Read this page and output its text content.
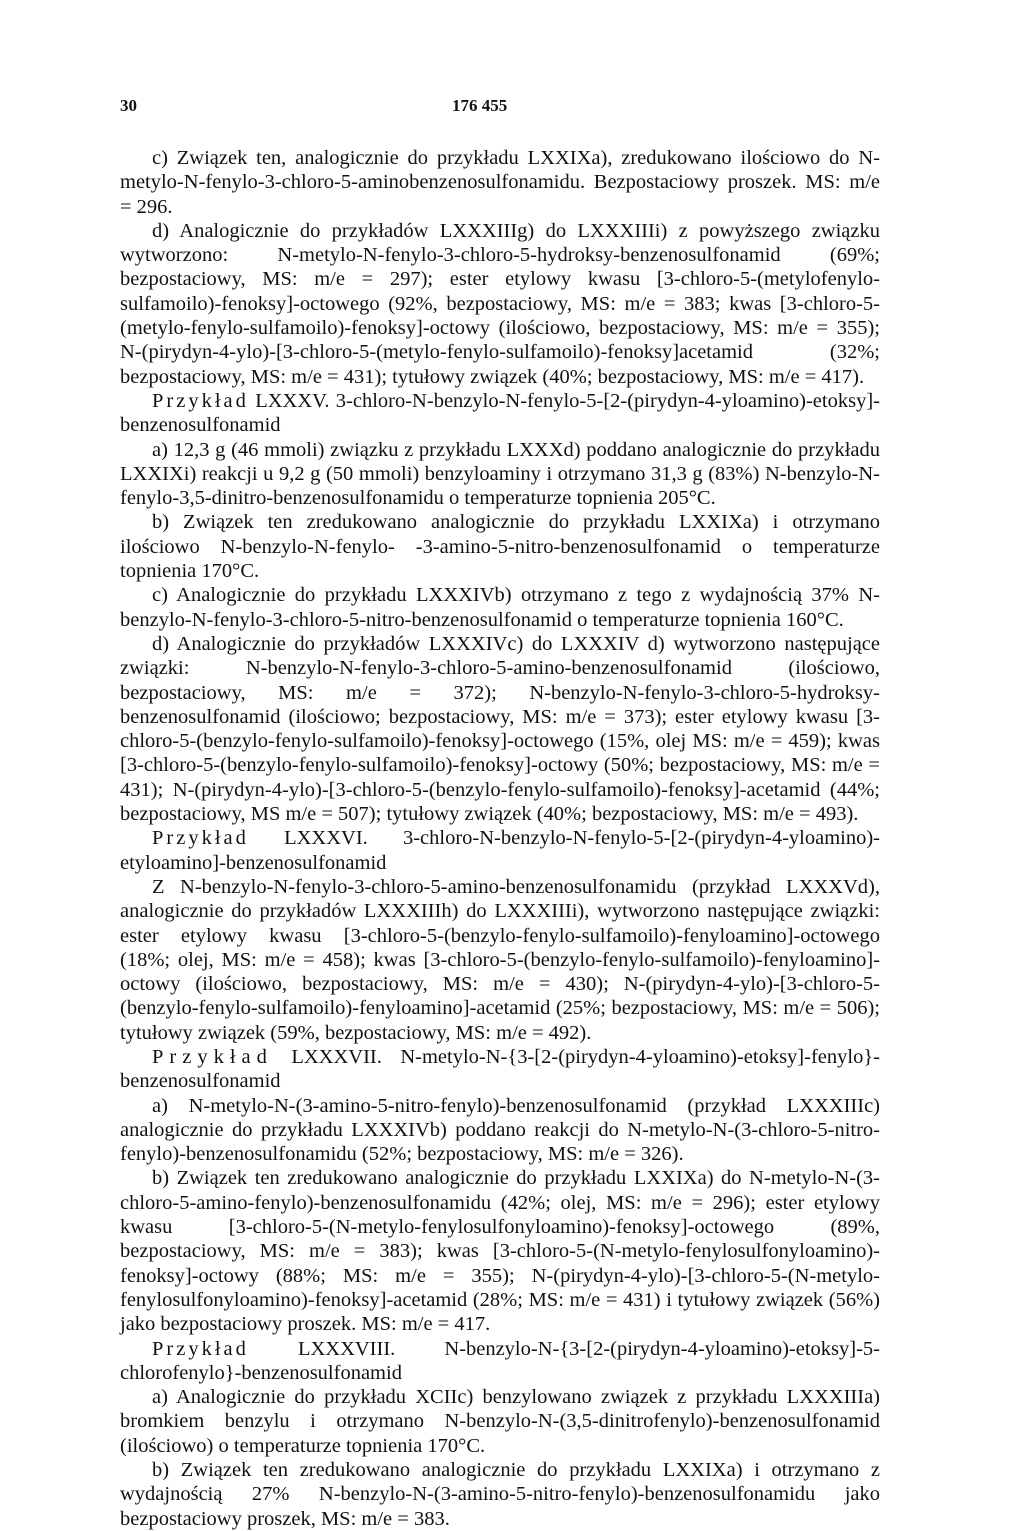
30	176 455

c) Związek ten, analogicznie do przykładu LXXIXa), zredukowano ilościowo do N-metylo-N-fenylo-3-chloro-5-aminobenzenosulfonamidu. Bezpostaciowy proszek. MS: m/e = 296.

d) Analogicznie do przykładów LXXXIIIg) do LXXXIIIi) z powyższego związku wytworzono: N-metylo-N-fenylo-3-chloro-5-hydroksy-benzenosulfonamid (69%; bezpostaciowy, MS: m/e = 297); ester etylowy kwasu [3-chloro-5-(metylofenylo-sulfamoilo)-fenoksy]-octowego (92%, bezpostaciowy, MS: m/e = 383; kwas [3-chloro-5-(metylo-fenylo-sulfamoilo)-fenoksy]-octowy (ilościowo, bezpostaciowy, MS: m/e = 355); N-(pirydyn-4-ylo)-[3-chloro-5-(metylo-fenylo-sulfamoilo)-fenoksy]acetamid (32%; bezpostaciowy, MS: m/e = 431); tytułowy związek (40%; bezpostaciowy, MS: m/e = 417).

Przykład LXXXV. 3-chloro-N-benzylo-N-fenylo-5-[2-(pirydyn-4-yloamino)-etoksy]-benzenosulfonamid

a) 12,3 g (46 mmoli) związku z przykładu LXXXd) poddano analogicznie do przykładu LXXIXi) reakcji u 9,2 g (50 mmoli) benzyloaminy i otrzymano 31,3 g (83%) N-benzylo-N-fenylo-3,5-dinitro-benzenosulfonamidu o temperaturze topnienia 205°C.

b) Związek ten zredukowano analogicznie do przykładu LXXIXa) i otrzymano ilościowo N-benzylo-N-fenylo- -3-amino-5-nitro-benzenosulfonamid o temperaturze topnienia 170°C.

c) Analogicznie do przykładu LXXXIVb) otrzymano z tego z wydajnością 37% N-benzylo-N-fenylo-3-chloro-5-nitro-benzenosulfonamid o temperaturze topnienia 160°C.

d) Analogicznie do przykładów LXXXIVc) do LXXXIV d) wytworzono następujące związki: N-benzylo-N-fenylo-3-chloro-5-amino-benzenosulfonamid (ilościowo, bezpostaciowy, MS: m/e = 372); N-benzylo-N-fenylo-3-chloro-5-hydroksy-benzenosulfonamid (ilościowo; bezpostaciowy, MS: m/e = 373); ester etylowy kwasu [3-chloro-5-(benzylo-fenylo-sulfamoilo)-fenoksy]-octowego (15%, olej MS: m/e = 459); kwas [3-chloro-5-(benzylo-fenylo-sulfamoilo)-fenoksy]-octowy (50%; bezpostaciowy, MS: m/e = 431); N-(pirydyn-4-ylo)-[3-chloro-5-(benzylo-fenylo-sulfamoilo)-fenoksy]-acetamid (44%; bezpostaciowy, MS m/e = 507); tytułowy związek (40%; bezpostaciowy, MS: m/e = 493).

Przykład LXXXVI. 3-chloro-N-benzylo-N-fenylo-5-[2-(pirydyn-4-yloamino)-etyloamino]-benzenosulfonamid

Z N-benzylo-N-fenylo-3-chloro-5-amino-benzenosulfonamidu (przykład LXXXVd), analogicznie do przykładów LXXXIIIh) do LXXXIIIi), wytworzono następujące związki: ester etylowy kwasu [3-chloro-5-(benzylo-fenylo-sulfamoilo)-fenyloamino]-octowego (18%; olej, MS: m/e = 458); kwas [3-chloro-5-(benzylo-fenylo-sulfamoilo)-fenyloamino]-octowy (ilościowo, bezpostaciowy, MS: m/e = 430); N-(pirydyn-4-ylo)-[3-chloro-5-(benzylo-fenylo-sulfamoilo)-fenyloamino]-acetamid (25%; bezpostaciowy, MS: m/e = 506); tytułowy związek (59%, bezpostaciowy, MS: m/e = 492).

Przykład LXXXVII. N-metylo-N-{3-[2-(pirydyn-4-yloamino)-etoksy]-fenylo}-benzenosulfonamid

a) N-metylo-N-(3-amino-5-nitro-fenylo)-benzenosulfonamid (przykład LXXXIIIc) analogicznie do przykładu LXXXIVb) poddano reakcji do N-metylo-N-(3-chloro-5-nitro-fenylo)-benzenosulfonamidu (52%; bezpostaciowy, MS: m/e = 326).

b) Związek ten zredukowano analogicznie do przykładu LXXIXa) do N-metylo-N-(3-chloro-5-amino-fenylo)-benzenosulfonamidu (42%; olej, MS: m/e = 296); ester etylowy kwasu [3-chloro-5-(N-metylo-fenylosulfonyloamino)-fenoksy]-octowego (89%, bezpostaciowy, MS: m/e = 383); kwas [3-chloro-5-(N-metylo-fenylosulfonyloamino)-fenoksy]-octowy (88%; MS: m/e = 355); N-(pirydyn-4-ylo)-[3-chloro-5-(N-metylo-fenylosulfonyloamino)-fenoksy]-acetamid (28%; MS: m/e = 431) i tytułowy związek (56%) jako bezpostaciowy proszek. MS: m/e = 417.

Przykład LXXXVIII. N-benzylo-N-{3-[2-(pirydyn-4-yloamino)-etoksy]-5-chlorofenylo}-benzenosulfonamid

a) Analogicznie do przykładu XCIIc) benzylowano związek z przykładu LXXXIIIa) bromkiem benzylu i otrzymano N-benzylo-N-(3,5-dinitrofenylo)-benzenosulfonamid (ilościowo) o temperaturze topnienia 170°C.

b) Związek ten zredukowano analogicznie do przykładu LXXIXa) i otrzymano z wydajnością 27% N-benzylo-N-(3-amino-5-nitro-fenylo)-benzenosulfonamidu jako bezpostaciowy proszek, MS: m/e = 383.
